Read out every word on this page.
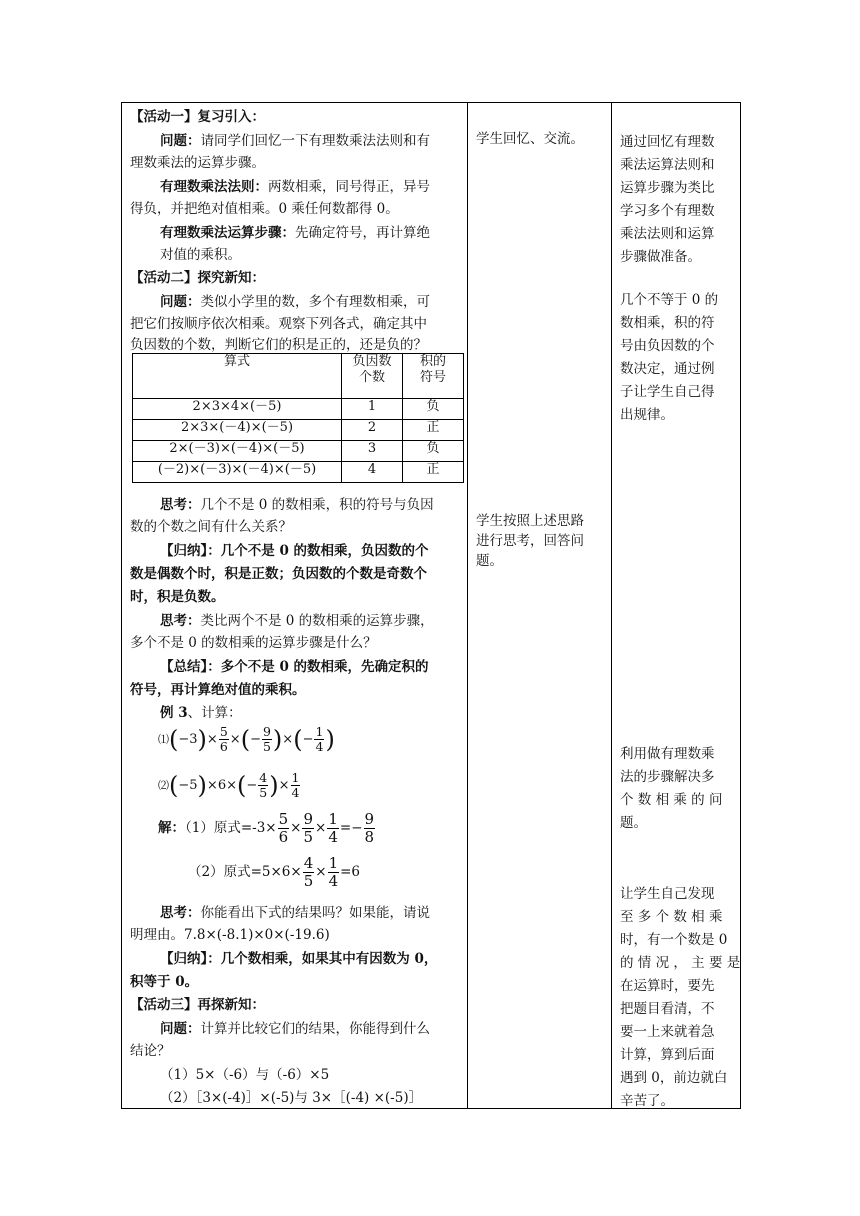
【活动一】复习引入：
问题：请同学们回忆一下有理数乘法法则和有
理数乘法的运算步骤。
有理数乘法法则：两数相乘，同号得正，异号
得负，并把绝对值相乘。0 乘任何数都得 0。
有理数乘法运算步骤：先确定符号，再计算绝
对值的乘积。
【活动二】探究新知：
问题：类似小学里的数，多个有理数相乘，可
把它们按顺序依次相乘。观察下列各式，确定其中
负因数的个数，判断它们的积是正的，还是负的？
算式	负因数
个数	积的
符号
2×3×4×(－5)	1	负
2×3×(－4)×(－5)	2	正
2×(－3)×(－4)×(－5)	3	负
(－2)×(－3)×(－4)×(－5)	4	正
思考：几个不是 0 的数相乘，积的符号与负因
数的个数之间有什么关系？
【归纳】：几个不是 0 的数相乘，负因数的个
数是偶数个时，积是正数；负因数的个数是奇数个
时，积是负数。
思考：类比两个不是 0 的数相乘的运算步骤，
多个不是 0 的数相乘的运算步骤是什么？
【总结】：多个不是 0 的数相乘，先确定积的
符号，再计算绝对值的乘积。
例 3、计算：
⑴(−3)× $\frac{5}{6}$ ×(− $\frac{9}{5}$ )×(− $\frac{1}{4}$ )
⑵(−5)×6×(− $\frac{4}{5}$ )× $\frac{1}{4}$
解：（1）原式$=-3\times \frac{5}{6} \times \frac{9}{5} \times \frac{1}{4} =- \frac{9}{8}$
（2）原式$=5\times 6\times \frac{4}{5} \times \frac{1}{4} =6$
思考：你能看出下式的结果吗？如果能，请说
明理由。7.8×(-8.1)×0×(-19.6)
【归纳】：几个数相乘，如果其中有因数为 0，
积等于 0。
【活动三】再探新知：
问题：计算并比较它们的结果，你能得到什么
结论？
（1）5×（-6）与（-6）×5
（2）［3×(-4)］×(-5)与 3×［(-4) ×(-5)］

学生回忆、交流。
学生按照上述思路
进行思考，回答问
题。

通过回忆有理数
乘法运算法则和
运算步骤为类比
学习多个有理数
乘法法则和运算
步骤做准备。
几个不等于 0 的
数相乘，积的符
号由负因数的个
数决定，通过例
子让学生自己得
出规律。
利用做有理数乘
法的步骤解决多
个 数 相 乘 的 问
题。
让学生自己发现
至 多 个 数 相 乘
时，有一个数是 0
的 情 况 ， 主 要 是
在运算时，要先
把题目看清，不
要一上来就着急
计算，算到后面
遇到 0，前边就白
辛苦了。
